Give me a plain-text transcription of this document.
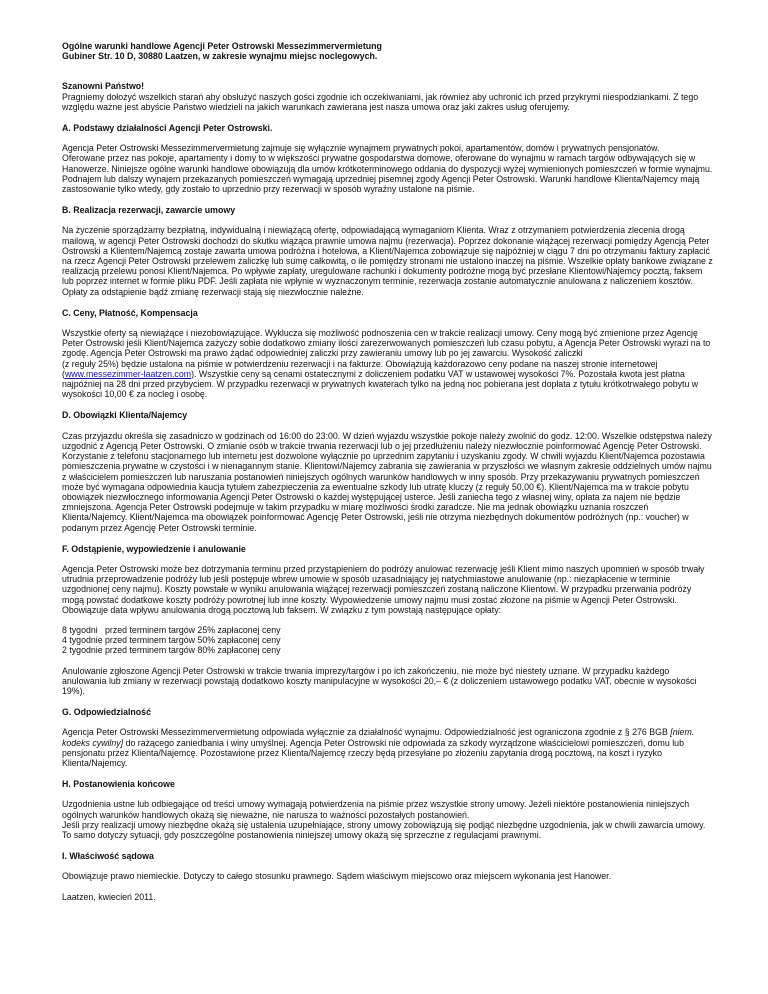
Ogólne warunki handlowe Agencji Peter Ostrowski Messezimmervermietung
Gubiner Str. 10 D, 30880 Laatzen, w zakresie wynajmu miejsc noclegowych.
Szanowni Państwo!

Pragniemy dołożyć wszelkich starań aby obsłużyć naszych gości zgodnie ich oczekiwaniami, jak również aby uchronić ich przed przykrymi niespodziankami. Z tego względu ważne jest abyście Państwo wiedzieli na jakich warunkach zawierana jest nasza umowa oraz jaki zakres usług oferujemy.

A. Podstawy działalności Agencji Peter Ostrowski.

Agencja Peter Ostrowski Messezimmervermietung zajmuje się wyłącznie wynajmem prywatnych pokoi, apartamentów, domów i prywatnych pensjonatów.

Oferowane przez nas pokoje, apartamenty i domy to w większości prywatne gospodarstwa domowe, oferowane do wynajmu w ramach targów odbywających się w Hanowerze. Niniejsze ogólne warunki handlowe obowiązują dla umów krótkoterminowego oddania do dyspozycji wyżej wymienionych pomieszczeń w formie wynajmu. Podnajem lub dalszy wynajem przekazanych pomieszczeń wymagają uprzedniej pisemnej zgody Agencji Peter Ostrowski. Warunki handlowe Klienta/Najemcy mają zastosowanie tylko wtedy, gdy zostało to uprzednio przy rezerwacji w sposób wyraźny ustalone na piśmie.

B. Realizacja rezerwacji, zawarcie umowy

Na życzenie sporządzamy bezpłatną, indywidualną i niewiążącą ofertę, odpowiadającą wymaganiom Klienta. Wraz z otrzymaniem potwierdzenia zlecenia drogą mailową, w agencji Peter Ostrowski dochodzi do skutku wiążąca prawnie umowa najmu (rezerwacja). Poprzez dokonanie wiążącej rezerwacji pomiędzy Agencją Peter Ostrowski a Klientem/Najemcą zostaje zawarta umowa podróżna i hotelowa, a Klient/Najemca zobowiązuje się najpóźniej w ciągu 7 dni po otrzymaniu faktury zapłacić na rzecz Agencji Peter Ostrowski przelewem zaliczkę lub sumę całkowitą, o ile pomiędzy stronami nie ustalono inaczej na piśmie. Wszelkie opłaty bankowe związane z realizacją przelewu ponosi Klient/Najemca. Po wpływie zapłaty, uregulowane rachunki i dokumenty podróżne mogą być przesłane Klientowi/Najemcy pocztą, faksem lub poprzez internet w formie pliku PDF. Jeśli zapłata nie wpłynie w wyznaczonym terminie, rezerwacja zostanie automatycznie anulowana z naliczeniem kosztów. Opłaty za odstąpienie bądź zmianę rezerwacji stają się niezwłocznie należne.

C. Ceny, Płatność, Kompensacja

Wszystkie oferty są niewiążące i niezobowiązujące. Wyklucza się możliwość podnoszenia cen w trakcie realizacji umowy. Ceny mogą być zmienione przez Agencję Peter Ostrowski jeśli Klient/Najemca zażyczy sobie dodatkowo zmiany ilości zarezerwowanych pomieszczeń lub czasu pobytu, a Agencja Peter Ostrowski wyrazi na to zgodę. Agencja Peter Ostrowski ma prawo żądać odpowiedniej zaliczki przy zawieraniu umowy lub po jej zawarciu. Wysokość zaliczki

(z reguły 25%) będzie ustalona na piśmie w potwierdzeniu rezerwacji i na fakturze. Obowiązują każdorazowo ceny podane na naszej stronie internetowej (www.messezimmer-laatzen.com). Wszystkie ceny są cenami ostatecznymi z doliczeniem podatku VAT w ustawowej wysokości 7%. Pozostała kwota jest płatna najpóźniej na 28 dni przed przybyciem. W przypadku rezerwacji w prywatnych kwaterach tylko na jedną noc pobierana jest dopłata z tytułu krótkotrwałego pobytu w wysokości 10,00 € za nocleg i osobę.

D. Obowiązki Klienta/Najemcy

Czas przyjazdu określa się zasadniczo w godzinach od 16:00 do 23:00. W dzień wyjazdu wszystkie pokoje należy zwolnić do godz. 12:00. Wszelkie odstępstwa należy uzgodnić z Agencją Peter Ostrowski. O zmianie osób w trakcie trwania rezerwacji lub o jej przedłużeniu należy niezwłocznie poinformować Agencję Peter Ostrowski. Korzystanie z telefonu stacjonarnego lub internetu jest dozwolone wyłącznie po uprzednim zapytaniu i uzyskaniu zgody. W chwili wyjazdu Klient/Najemca pozostawia pomieszczenia prywatne w czystości i w nienagannym stanie. Klientowi/Najemcy zabrania się zawierania w przyszłości we własnym zakresie oddzielnych umów najmu z właścicielem pomieszczeń lub naruszania postanowień niniejszych ogólnych warunków handlowych w inny sposób. Przy przekazywaniu prywatnych pomieszczeń może być wymagana odpowiednia kaucja tytułem zabezpieczenia za ewentualne szkody lub utratę kluczy (z reguły 50,00 €). Klient/Najemca ma w trakcie pobytu obowiązek niezwłocznego informowania Agencji Peter Ostrowski o każdej występującej usterce. Jeśli zaniecha tego z własnej winy, opłata za najem nie będzie zmniejszona. Agencja Peter Ostrowski podejmuje w takim przypadku w miarę możliwości środki zaradcze. Nie ma jednak obowiązku uznania roszczeń Klienta/Najemcy. Klient/Najemca ma obowiązek poinformować Agencję Peter Ostrowski, jeśli nie otrzyma niezbędnych dokumentów podróżnych (np.: voucher) w podanym przez Agencję Peter Ostrowski terminie.

F. Odstąpienie, wypowiedzenie i anulowanie

Agencja Peter Ostrowski może bez dotrzymania terminu przed przystąpieniem do podróży anulować rezerwację jeśli Klient mimo naszych upomnień w sposób trwały utrudnia przeprowadzenie podróży lub jeśli postępuje wbrew umowie w sposób uzasadniający jej natychmiastowe anulowanie (np.: niezapłacenie w terminie uzgodnionej ceny najmu). Koszty powstałe w wyniku anulowania wiążącej rezerwacji pomieszczeń zostaną naliczone Klientowi. W przypadku przerwania podróży mogą powstać dodatkowe koszty podróży powrotnej lub inne koszty. Wypowiedzenie umowy najmu musi zostać złożone na piśmie w Agencji Peter Ostrowski. Obowiązuje data wpływu anulowania drogą pocztową lub faksem. W związku z tym powstają następujące opłaty:

8 tygodni   przed terminem targów 25% zapłaconej ceny
4 tygodnie przed terminem targów 50% zapłaconej ceny
2 tygodnie przed terminem targów 80% zapłaconej ceny

Anulowanie zgłoszone Agencji Peter Ostrowski w trakcie trwania imprezy/targów i po ich zakończeniu, nie może być niestety uznane. W przypadku każdego anulowania lub zmiany w rezerwacji powstają dodatkowo koszty manipulacyjne w wysokości 20,– € (z doliczeniem ustawowego podatku VAT, obecnie w wysokości 19%).

G. Odpowiedzialność

Agencja Peter Ostrowski Messezimmervermietung odpowiada wyłącznie za działalność wynajmu. Odpowiedzialność jest ograniczona zgodnie z § 276 BGB [niem. kodeks cywilny] do rażącego zaniedbania i winy umyślnej. Agencja Peter Ostrowski nie odpowiada za szkody wyrządzone właścicielowi pomieszczeń, domu lub pensjonatu przez Klienta/Najemcę. Pozostawione przez Klienta/Najemcę rzeczy będą przesyłane po złożeniu zapytania drogą pocztową, na koszt i ryzyko Klienta/Najemcy.

H. Postanowienia końcowe

Uzgodnienia ustne lub odbiegające od treści umowy wymagają potwierdzenia na piśmie przez wszystkie strony umowy. Jeżeli niektóre postanowienia niniejszych ogólnych warunków handlowych okażą się nieważne, nie narusza to ważności pozostałych postanowień.

Jeśli przy realizacji umowy niezbędne okażą się ustalenia uzupełniające, strony umowy zobowiązują się podjąć niezbędne uzgodnienia, jak w chwili zawarcia umowy. To samo dotyczy sytuacji, gdy poszczególne postanowienia niniejszej umowy okażą się sprzeczne z regulacjami prawnymi.

I. Właściwość sądowa

Obowiązuje prawo niemieckie. Dotyczy to całego stosunku prawnego. Sądem właściwym miejscowo oraz miejscem wykonania jest Hanower.

Laatzen, kwiecień 2011.
